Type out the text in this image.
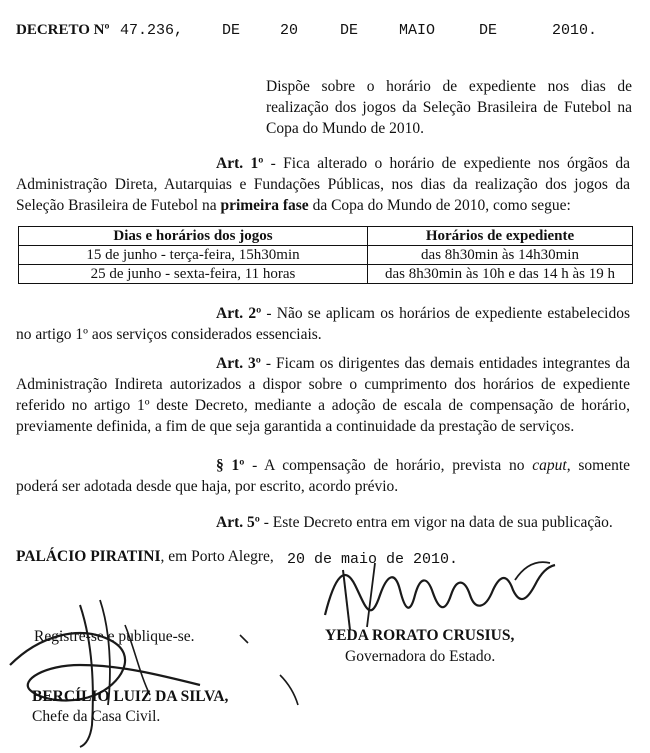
DECRETO Nº 47.236,	DE	20	DE	MAIO	DE	2010.
Dispõe sobre o horário de expediente nos dias de realização dos jogos da Seleção Brasileira de Futebol na Copa do Mundo de 2010.
Art. 1º - Fica alterado o horário de expediente nos órgãos da Administração Direta, Autarquias e Fundações Públicas, nos dias da realização dos jogos da Seleção Brasileira de Futebol na primeira fase da Copa do Mundo de 2010, como segue:
Dias e horários dos jogos	Horários de expediente
15 de junho - terça-feira, 15h30min	das 8h30min às 14h30min
25 de junho - sexta-feira, 11 horas	das 8h30min às 10h e das 14 h às 19 h
Art. 2º - Não se aplicam os horários de expediente estabelecidos no artigo 1º aos serviços considerados essenciais.
Art. 3º - Ficam os dirigentes das demais entidades integrantes da Administração Indireta autorizados a dispor sobre o cumprimento dos horários de expediente referido no artigo 1º deste Decreto, mediante a adoção de escala de compensação de horário, previamente definida, a fim de que seja garantida a continuidade da prestação de serviços.
§ 1º - A compensação de horário, prevista no caput, somente poderá ser adotada desde que haja, por escrito, acordo prévio.
Art. 5º - Este Decreto entra em vigor na data de sua publicação.
PALÁCIO PIRATINI, em Porto Alegre, 20 de maio de 2010.
YEDA RORATO CRUSIUS,
Governadora do Estado.
Registre-se e publique-se.
BERCÍLIO LUIZ DA SILVA,
Chefe da Casa Civil.
